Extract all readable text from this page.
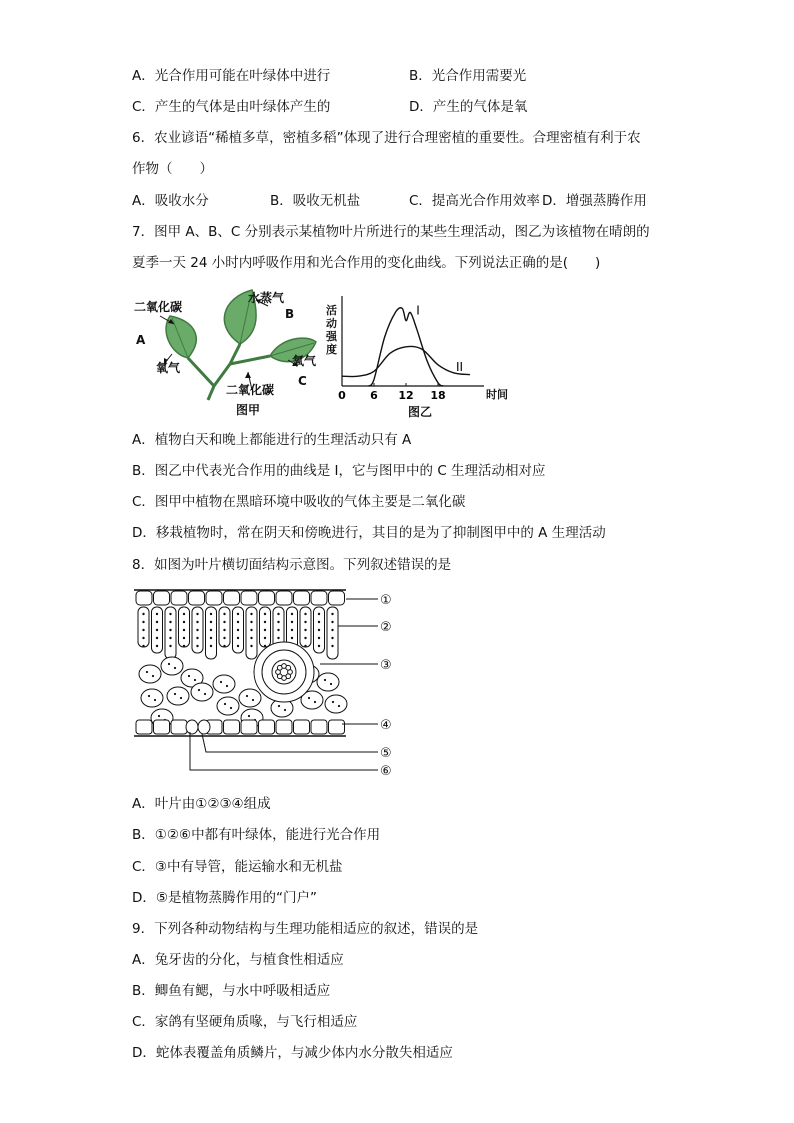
A．光合作用可能在叶绿体中进行	B．光合作用需要光
C．产生的气体是由叶绿体产生的	D．产生的气体是氧
6．农业谚语“稀植多草，密植多稻”体现了进行合理密植的重要性。合理密植有利于农
作物（　　）
A．吸收水分	B．吸收无机盐	C．提高光合作用效率 D．增强蒸腾作用
7．图甲 A、B、C 分别表示某植物叶片所进行的某些生理活动，图乙为该植物在晴朗的
夏季一天 24 小时内呼吸作用和光合作用的变化曲线。下列说法正确的是(　　)
二氧化碳
水蒸气
A
B
C
氧气	氧气
二氧化碳
图甲
活
动
强
度
时间
0 6 12 18
I
II
图乙
A．植物白天和晚上都能进行的生理活动只有 A
B．图乙中代表光合作用的曲线是 I，它与图甲中的 C 生理活动相对应
C．图甲中植物在黑暗环境中吸收的气体主要是二氧化碳
D．移栽植物时，常在阴天和傍晚进行，其目的是为了抑制图甲中的 A 生理活动
8．如图为叶片横切面结构示意图。下列叙述错误的是
①
②
③
④
⑤
⑥
A．叶片由①②③④组成
B．①②⑥中都有叶绿体，能进行光合作用
C．③中有导管，能运输水和无机盐
D．⑤是植物蒸腾作用的“门户”
9．下列各种动物结构与生理功能相适应的叙述，错误的是
A．兔牙齿的分化，与植食性相适应
B．鲫鱼有鳃，与水中呼吸相适应
C．家鸽有坚硬角质喙，与飞行相适应
D．蛇体表覆盖角质鳞片，与减少体内水分散失相适应
